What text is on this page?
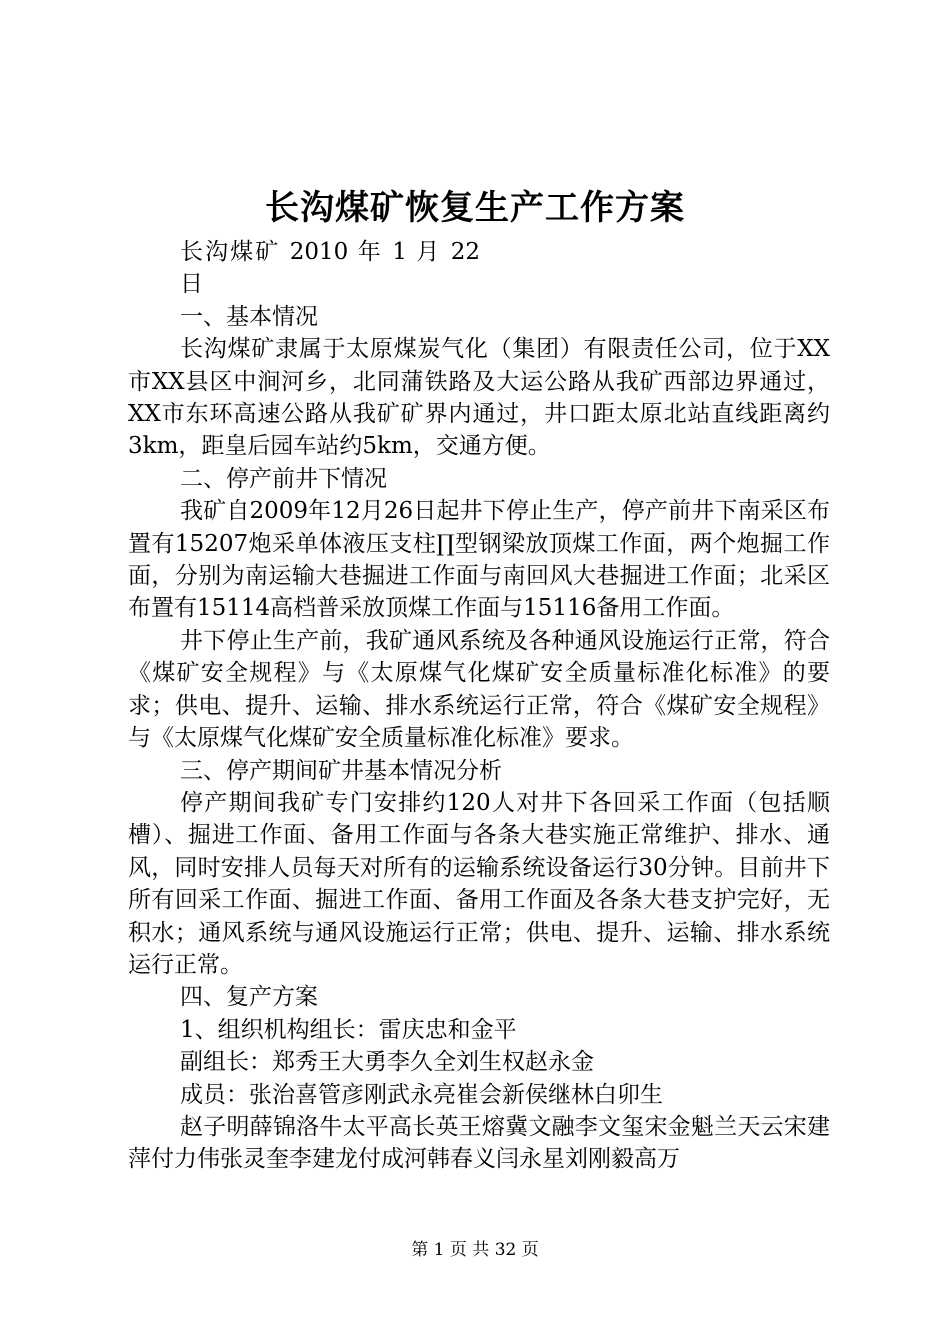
长沟煤矿恢复生产工作方案

长沟煤矿 2010 年 1 月 22 日

一、基本情况

长沟煤矿隶属于太原煤炭气化（集团）有限责任公司，位于XX市XX县区中涧河乡，北同蒲铁路及大运公路从我矿西部边界通过，XX市东环高速公路从我矿矿界内通过，井口距太原北站直线距离约3km，距皇后园车站约5km，交通方便。

二、停产前井下情况

我矿自2009年12月26日起井下停止生产，停产前井下南采区布置有15207炮采单体液压支柱∏型钢梁放顶煤工作面，两个炮掘工作面，分别为南运输大巷掘进工作面与南回风大巷掘进工作面；北采区布置有15114高档普采放顶煤工作面与15116备用工作面。

井下停止生产前，我矿通风系统及各种通风设施运行正常，符合《煤矿安全规程》与《太原煤气化煤矿安全质量标准化标准》的要求；供电、提升、运输、排水系统运行正常，符合《煤矿安全规程》与《太原煤气化煤矿安全质量标准化标准》要求。

三、停产期间矿井基本情况分析

停产期间我矿专门安排约120人对井下各回采工作面（包括顺槽）、掘进工作面、备用工作面与各条大巷实施正常维护、排水、通风，同时安排人员每天对所有的运输系统设备运行30分钟。目前井下所有回采工作面、掘进工作面、备用工作面及各条大巷支护完好，无积水；通风系统与通风设施运行正常；供电、提升、运输、排水系统运行正常。

四、复产方案

1、组织机构组长：雷庆忠和金平

副组长：郑秀王大勇李久全刘生权赵永金

成员：张治喜管彦刚武永亮崔会新侯继林白卯生

赵子明薛锦洛牛太平高长英王熔冀文融李文玺宋金魁兰天云宋建萍付力伟张灵奎李建龙付成河韩春义闫永星刘刚毅高万

第 1 页 共 32 页
